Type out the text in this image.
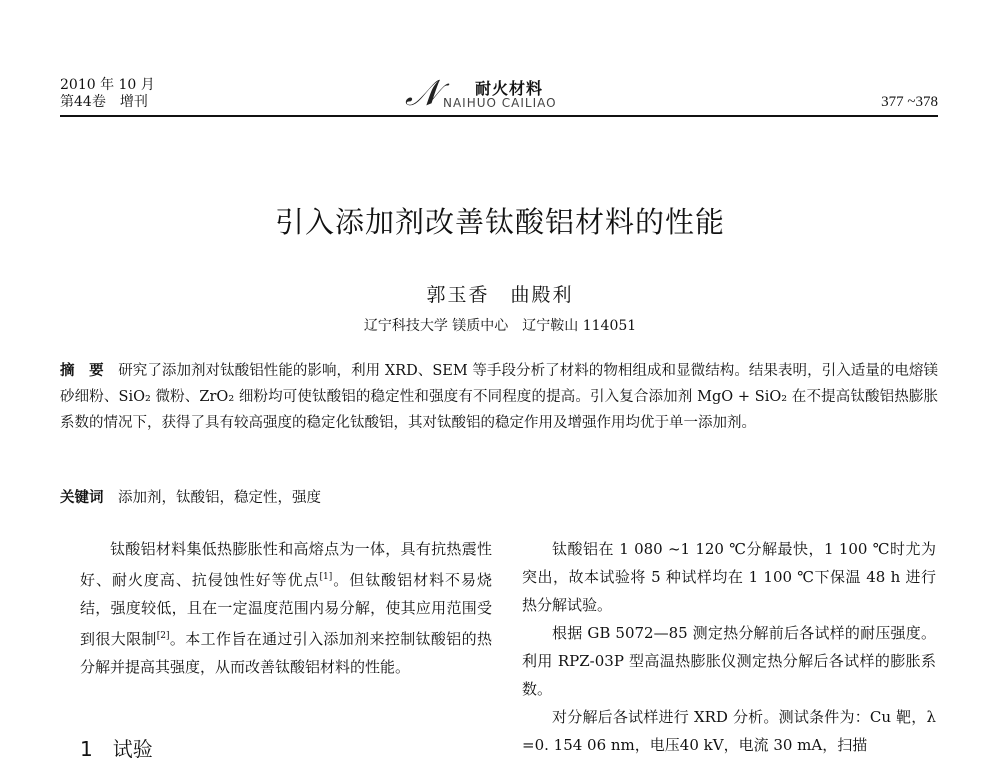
2010 年 10 月
第44卷　增刊	𝒩 耐火材料
NAIHUO CAILIAO	377 ~378
引入添加剂改善钛酸铝材料的性能
郭玉香　曲殿利
辽宁科技大学 镁质中心　辽宁鞍山 114051
摘　要　 研究了添加剂对钛酸铝性能的影响，利用 XRD、SEM 等手段分析了材料的物相组成和显微结构。结果表明，引入适量的电熔镁砂细粉、SiO₂ 微粉、ZrO₂ 细粉均可使钛酸铝的稳定性和强度有不同程度的提高。引入复合添加剂 MgO + SiO₂ 在不提高钛酸铝热膨胀系数的情况下，获得了具有较高强度的稳定化钛酸铝，其对钛酸铝的稳定作用及增强作用均优于单一添加剂。
关键词　 添加剂，钛酸铝，稳定性，强度

钛酸铝材料集低热膨胀性和高熔点为一体，具有抗热震性好、耐火度高、抗侵蚀性好等优点[1]。但钛酸铝材料不易烧结，强度较低，且在一定温度范围内易分解，使其应用范围受到很大限制[2]。本工作旨在通过引入添加剂来控制钛酸铝的热分解并提高其强度，从而改善钛酸铝材料的性能。

1　试验

钛酸铝在 1 080 ~1 120 ℃分解最快，1 100 ℃时尤为突出，故本试验将 5 种试样均在 1 100 ℃下保温 48 h 进行热分解试验。

根据 GB 5072—85 测定热分解前后各试样的耐压强度。利用 RPZ-03P 型高温热膨胀仪测定热分解后各试样的膨胀系数。

对分解后各试样进行 XRD 分析。测试条件为：Cu 靶，λ =0. 154 06 nm，电压40 kV，电流 30 mA，扫描
